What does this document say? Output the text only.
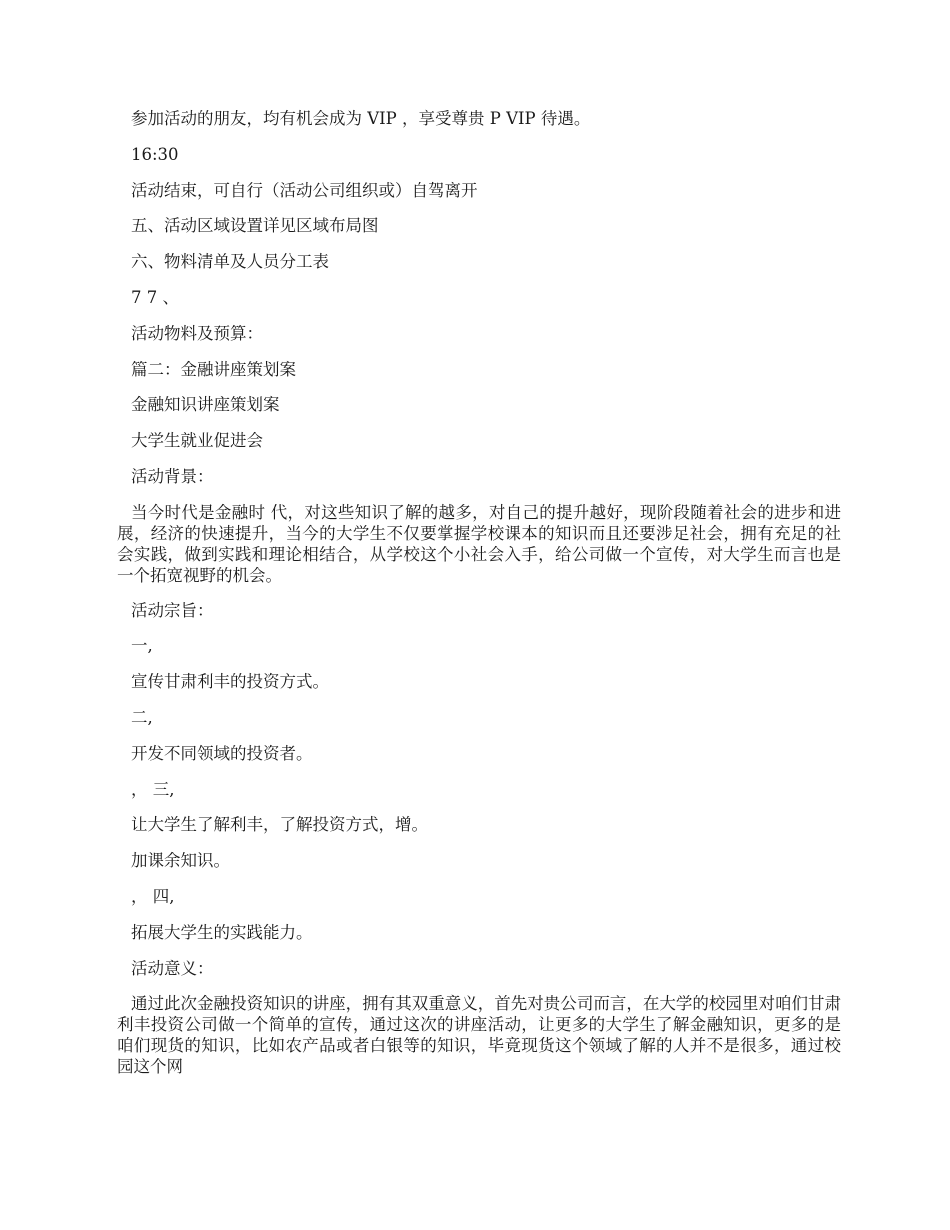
参加活动的朋友，均有机会成为 VIP ，享受尊贵 P VIP 待遇。

16:30

活动结束，可自行（活动公司组织或）自驾离开

五、活动区域设置详见区域布局图

六、物料清单及人员分工表

7 7 、

活动物料及预算：

篇二：金融讲座策划案

金融知识讲座策划案

大学生就业促进会

活动背景：

当今时代是金融时 代，对这些知识了解的越多，对自己的提升越好，现阶段随着社会的进步和进展，经济的快速提升，当今的大学生不仅要掌握学校课本的知识而且还要涉足社会，拥有充足的社会实践，做到实践和理论相结合，从学校这个小社会入手，给公司做一个宣传，对大学生而言也是一个拓宽视野的机会。

活动宗旨：

一,

宣传甘肃利丰的投资方式。

二,

开发不同领域的投资者。

， 三,

让大学生了解利丰，了解投资方式，增。

加课余知识。

， 四,

拓展大学生的实践能力。

活动意义：

通过此次金融投资知识的讲座，拥有其双重意义，首先对贵公司而言，在大学的校园里对咱们甘肃利丰投资公司做一个简单的宣传，通过这次的讲座活动，让更多的大学生了解金融知识，更多的是咱们现货的知识，比如农产品或者白银等的知识，毕竟现货这个领域了解的人并不是很多，通过校园这个网
